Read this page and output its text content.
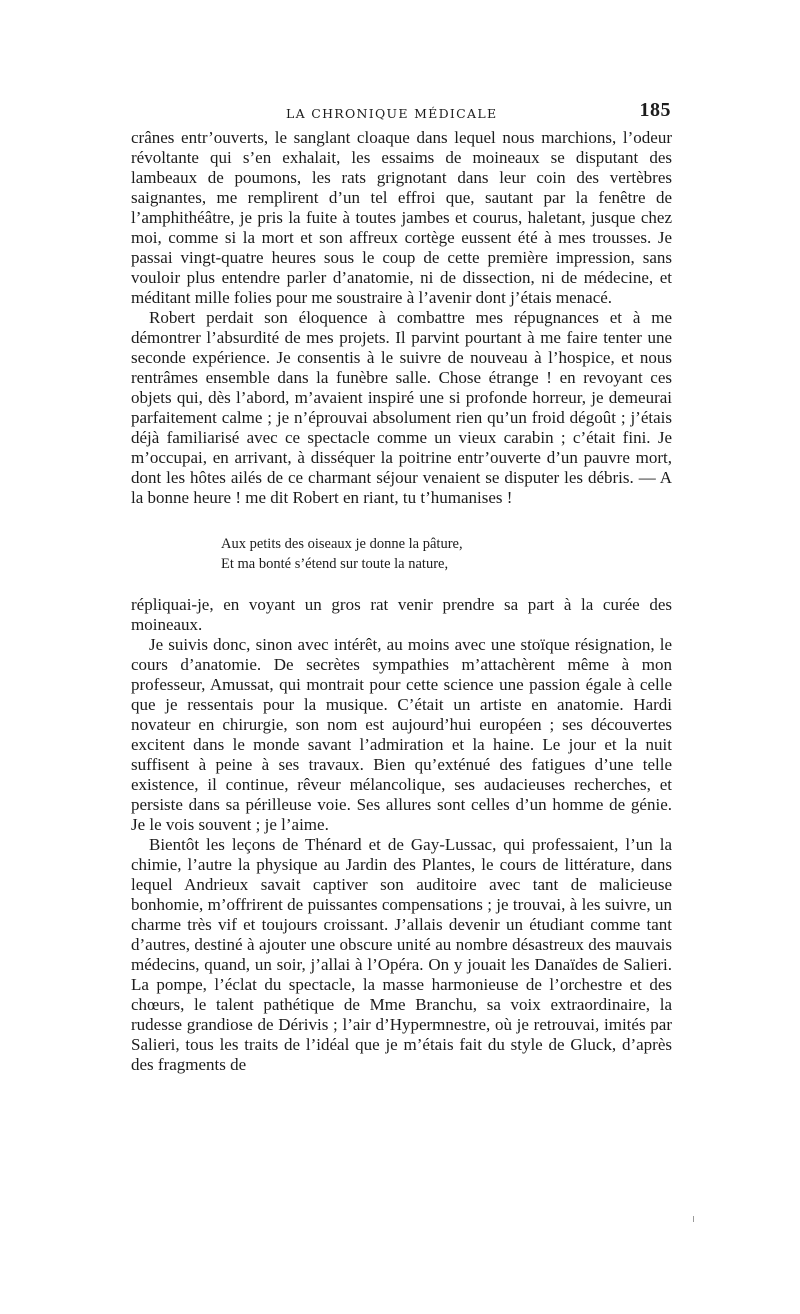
LA CHRONIQUE MÉDICALE	185

crânes entr’ouverts, le sanglant cloaque dans lequel nous marchions, l’odeur révoltante qui s’en exhalait, les essaims de moineaux se disputant des lambeaux de poumons, les rats grignotant dans leur coin des vertèbres saignantes, me remplirent d’un tel effroi que, sautant par la fenêtre de l’amphithéâtre, je pris la fuite à toutes jambes et courus, haletant, jusque chez moi, comme si la mort et son affreux cortège eussent été à mes trousses. Je passai vingt-quatre heures sous le coup de cette première impression, sans vouloir plus entendre parler d’anatomie, ni de dissection, ni de médecine, et méditant mille folies pour me soustraire à l’avenir dont j’étais menacé.

Robert perdait son éloquence à combattre mes répugnances et à me démontrer l’absurdité de mes projets. Il parvint pourtant à me faire tenter une seconde expérience. Je consentis à le suivre de nouveau à l’hospice, et nous rentrâmes ensemble dans la funèbre salle. Chose étrange ! en revoyant ces objets qui, dès l’abord, m’avaient inspiré une si profonde horreur, je demeurai parfaitement calme ; je n’éprouvai absolument rien qu’un froid dégoût ; j’étais déjà familiarisé avec ce spectacle comme un vieux carabin ; c’était fini. Je m’occupai, en arrivant, à disséquer la poitrine entr’ouverte d’un pauvre mort, dont les hôtes ailés de ce charmant séjour venaient se disputer les débris. — A la bonne heure ! me dit Robert en riant, tu t’humanises !

Aux petits des oiseaux je donne la pâture,
Et ma bonté s’étend sur toute la nature,

répliquai-je, en voyant un gros rat venir prendre sa part à la curée des moineaux.

Je suivis donc, sinon avec intérêt, au moins avec une stoïque résignation, le cours d’anatomie. De secrètes sympathies m’attachèrent même à mon professeur, Amussat, qui montrait pour cette science une passion égale à celle que je ressentais pour la musique. C’était un artiste en anatomie. Hardi novateur en chirurgie, son nom est aujourd’hui européen ; ses découvertes excitent dans le monde savant l’admiration et la haine. Le jour et la nuit suffisent à peine à ses travaux. Bien qu’exténué des fatigues d’une telle existence, il continue, rêveur mélancolique, ses audacieuses recherches, et persiste dans sa périlleuse voie. Ses allures sont celles d’un homme de génie. Je le vois souvent ; je l’aime.

Bientôt les leçons de Thénard et de Gay-Lussac, qui professaient, l’un la chimie, l’autre la physique au Jardin des Plantes, le cours de littérature, dans lequel Andrieux savait captiver son auditoire avec tant de malicieuse bonhomie, m’offrirent de puissantes compensations ; je trouvai, à les suivre, un charme très vif et toujours croissant. J’allais devenir un étudiant comme tant d’autres, destiné à ajouter une obscure unité au nombre désastreux des mauvais médecins, quand, un soir, j’allai à l’Opéra. On y jouait les Danaïdes de Salieri. La pompe, l’éclat du spectacle, la masse harmonieuse de l’orchestre et des chœurs, le talent pathétique de Mme Branchu, sa voix extraordinaire, la rudesse grandiose de Dérivis ; l’air d’Hypermnestre, où je retrouvai, imités par Salieri, tous les traits de l’idéal que je m’étais fait du style de Gluck, d’après des fragments de
